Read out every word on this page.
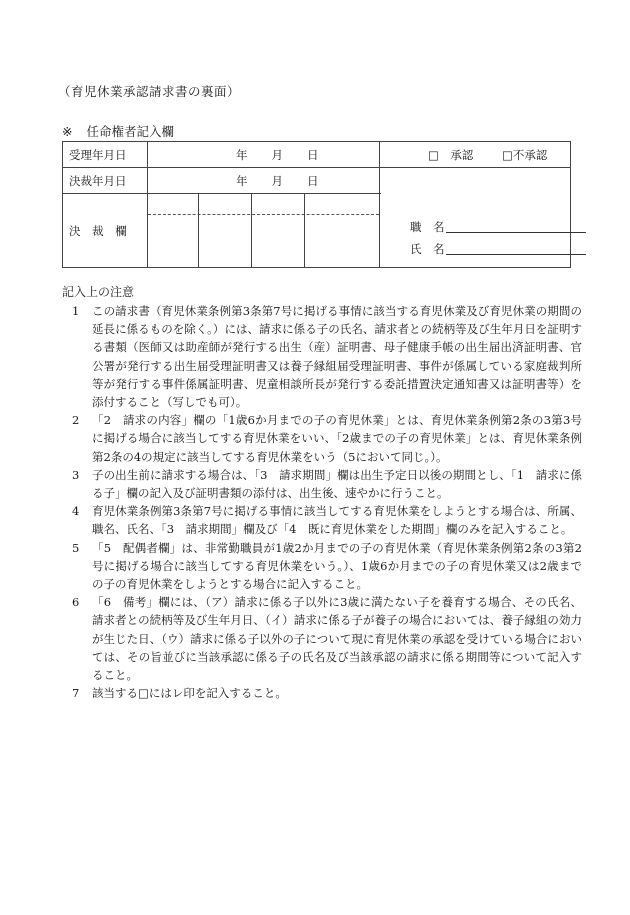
（育児休業承認請求書の裏面）
※ 任命権者記入欄
受理年月日	年 月 日	□　承認 □不承認

決裁年月日	年 月 日	職　名
氏　名

決 裁 欄		
記入上の注意

1	この請求書（育児休業条例第3条第7号に掲げる事情に該当する育児休業及び育児休業の期間の延長に係るものを除く。）には、請求に係る子の氏名、請求者との続柄等及び生年月日を証明する書類（医師又は助産師が発行する出生（産）証明書、母子健康手帳の出生届出済証明書、官公署が発行する出生届受理証明書又は養子縁組届受理証明書、事件が係属している家庭裁判所等が発行する事件係属証明書、児童相談所長が発行する委託措置決定通知書又は証明書等）を添付すること（写しでも可）。

2	「2　請求の内容」欄の「1歳6か月までの子の育児休業」とは、育児休業条例第2条の3第3号に掲げる場合に該当してする育児休業をいい、「2歳までの子の育児休業」とは、育児休業条例第2条の4の規定に該当してする育児休業をいう（5において同じ。）。

3	子の出生前に請求する場合は、「3　請求期間」欄は出生予定日以後の期間とし、「1　請求に係る子」欄の記入及び証明書類の添付は、出生後、速やかに行うこと。

4	育児休業条例第3条第7号に掲げる事情に該当してする育児休業をしようとする場合は、所属、職名、氏名、「3　請求期間」欄及び「4　既に育児休業をした期間」欄のみを記入すること。

5	「5　配偶者欄」は、非常勤職員が1歳2か月までの子の育児休業（育児休業条例第2条の3第2号に掲げる場合に該当してする育児休業をいう。）、1歳6か月までの子の育児休業又は2歳までの子の育児休業をしようとする場合に記入すること。

6	「6　備考」欄には、（ア）請求に係る子以外に3歳に満たない子を養育する場合、その氏名、請求者との続柄等及び生年月日、（イ）請求に係る子が養子の場合においては、養子縁組の効力が生じた日、（ウ）請求に係る子以外の子について現に育児休業の承認を受けている場合においては、その旨並びに当該承認に係る子の氏名及び当該承認の請求に係る期間等について記入すること。

7	該当する□にはレ印を記入すること。
